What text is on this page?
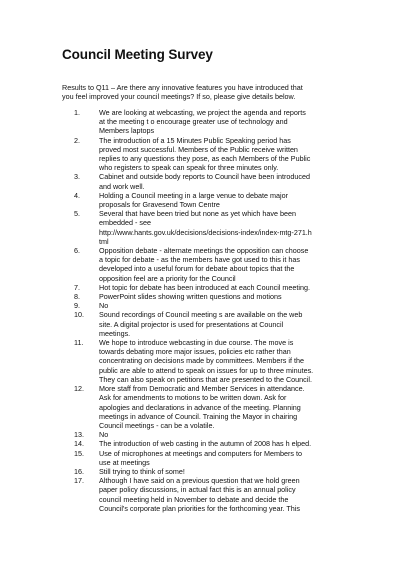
Council Meeting Survey
Results to Q11 – Are there any innovative features you have introduced that
you feel improved your council meetings? If so, please give details below.
1.	We are looking at webcasting, we project the agenda and reports
at the meeting t o encourage greater use of technology and
Members laptops
2.	The introduction of a 15 Minutes Public Speaking period has
proved most successful. Members of the Public receive written
replies to any questions they pose, as each Members of the Public
who registers to speak can speak for three minutes only.
3.	Cabinet and outside body reports to Council have been introduced
and work well.
4.	Holding a Council meeting in a large venue to debate major
proposals for Gravesend Town Centre
5.	Several that have been tried but none as yet which have been
embedded - see
http://www.hants.gov.uk/decisions/decisions-index/index-mtg-271.h
tml
6.	Opposition debate - alternate meetings the opposition can choose
a topic for debate - as the members have got used to this it has
developed into a useful forum for debate about topics that the
opposition feel are a priority for the Council
7.	Hot topic for debate has been introduced at each Council meeting.
8.	PowerPoint slides showing written questions and motions
9.	No
10.	Sound recordings of Council meeting s are available on the web
site. A digital projector is used for presentations at Council
meetings.
11.	We hope to introduce webcasting in due course. The move is
towards debating more major issues, policies etc rather than
concentrating on decisions made by committees. Members if the
public are able to attend to speak on issues for up to three minutes.
They can also speak on petitions that are presented to the Council.
12.	More staff from Democratic and Member Services in attendance.
Ask for amendments to motions to be written down. Ask for
apologies and declarations in advance of the meeting. Planning
meetings in advance of Council. Training the Mayor in chairing
Council meetings - can be a volatile.
13.	No
14.	The introduction of web casting in the autumn of 2008 has h elped.
15.	Use of microphones at meetings and computers for Members to
use at meetings
16.	Still trying to think of some!
17.	Although I have said on a previous question that we hold green
paper policy discussions, in actual fact this is an annual policy
council meeting held in November to debate and decide the
Council's corporate plan priorities for the forthcoming year. This
